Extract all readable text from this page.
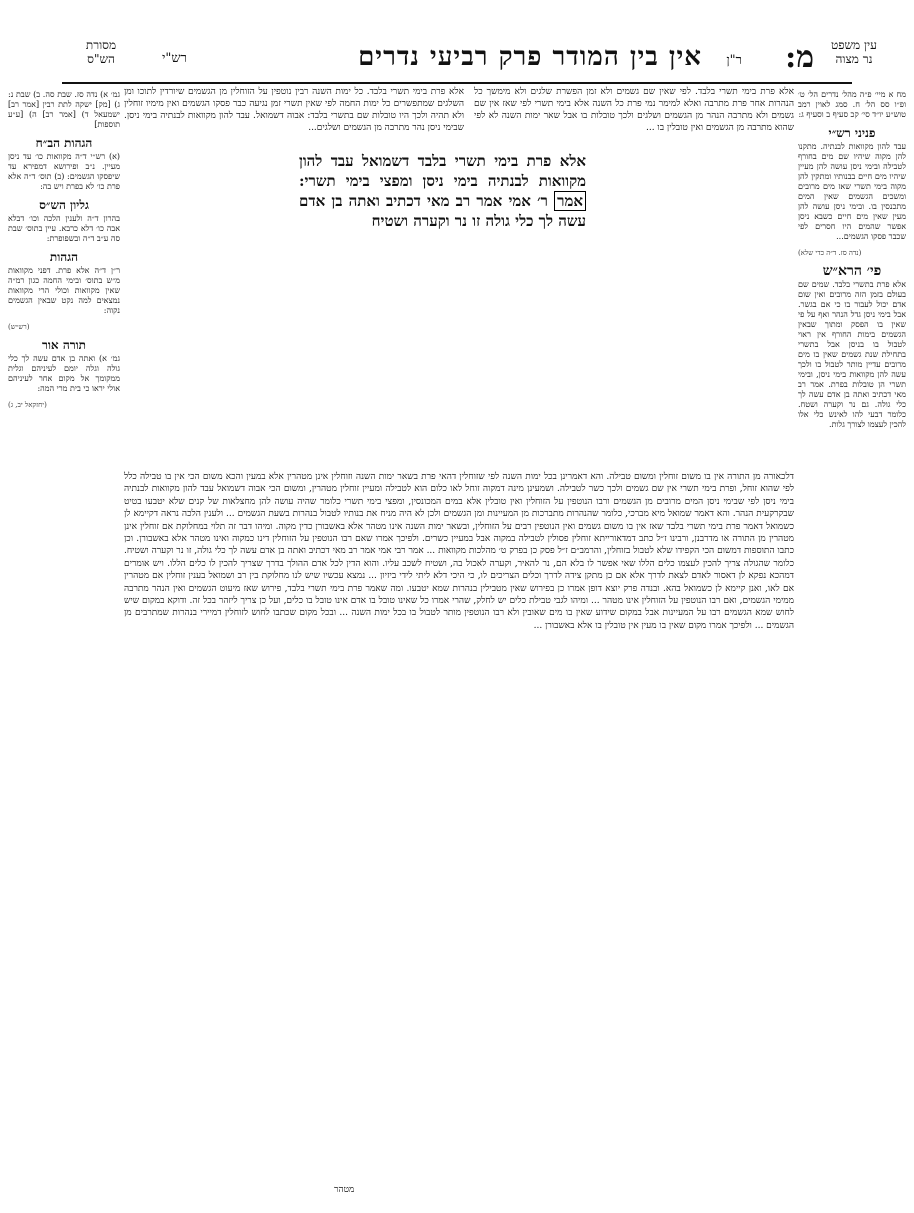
עין משפט
נר מצוה
מ:
ר"ן
אין בין המודר פרק רביעי נדרים
רש"י
מסורת
הש"ס
מח א מיי׳ פ״ה מהל׳ נדרים הל׳ ט׳ ופ״ו סס הל׳ ח. סמג לאוין רמב טוש״ע יו״ד סי׳ קכ סעיף ב וסעיף ג:
פניני רש״י
עבד להון מקוואות לבנתיה. מתקנו להן מקוה שיהיו שם מים בחורף לטבילה ובימי ניסן עושה להן מעיין שיהיו מים חיים בבנותיו ומתקין להן מקוה בימי תשרי שאז מים מרובים ומשכים הגשמים שאין המים מתכנסין בו. ובימי ניסן עושה להן מעין שאין מים חיים כשבא ניסן אפשר שהמים היו חסרים לפי שכבר פסקו הגשמים...
(נדה סז. ד״ה כדי שלא)
פי׳ הרא״ש
אלא פרת בתשרי בלבד. שמים שם בעולם בזמן הזה מרובים ואין שום אדם יכול לעבור בו כי אם בגשר. אבל בימי ניסן גדל הנהר ואף על פי שאין בו הפסק ומתוך שבאין הגשמים בימות החורף אין ראוי לטבול בו בניסן אבל בתשרי בתחילת שנת גשמים שאין בו מים מרובים עדיין מותר לטבול בו ולכך עשה להן מקוואות בימי ניסן, ובימי תשרי הן טובלות בפרת. אמר רב מאי דכתיב ואתה בן אדם עשה לך כלי גולה. גם נר וקערה ושטח. כלומר דבעי להו לאינש כלי אלו להכין לעצמו לצורך גלות.
גמ׳ א) נדה סז. שבת סה. ב) שבת נ: ג) [מק] ישקה לתת רבין [אמר רב] ישמעאל ד) [אמר רב] ה) [ע״ע תוספות]
הגהות הב״ח
(א) רש״י ד״ה מקוואות כו׳ עד ניסן מעיין. נ״ב ופירושא דמפירא עד שיפסקו הגשמים: (ב) תוס׳ ד״ה אלא פרת כו׳ לא בפרת ויש בה:
גליון הש״ס
בהרון ד״ה ולענין הלכה וכו׳ דבלא אבה כו׳ דלא כרבא. עיין בתוס׳ שבת סה ע״ב ד״ה ובשפופרת:
הגהות
ר״ן ד״ה אלא פרת. דפני מקוואות מ״ש בתוס׳ ובימי החמה כגון רמ״ה שאין מקוואות וכולי הרי מקוואות נמצאים למה נקט שבאין הגשמים נקוה:
(רש״ש)
תורה אור
גמ׳ א) ואתה בן אדם עשה לך כלי גולה וגלה יומם לעיניהם וגלית ממקומך אל מקום אחר לעיניהם אולי יראו כי בית מרי המה:
(יחזקאל יב, ג)
אלא פרת בימי תשרי בלבד. לפי שאין שם גשמים ולא זמן הפשרת שלגים ולא מימשך כל הנהרות אחר פרת מתרבה ואלא למימר נמי פרת כל השנה אלא בימי תשרי לפי שאז אין שם גשמים ולא מתרבה הנהר מן הגשמים ושלגים ולכך טובלות בו אבל שאר ימות השנה לא לפי שהוא מתרבה מן הגשמים ואין טובלין בו ...
אלא פרת בימי תשרי בלבד. כל ימות השנה רבין נוטפין על הזוחלין מן הגשמים שיורדין לתוכו ומן השלגים שמתפשרים כל ימות החמה לפי שאין תשרי זמן נגיעה כבר פסקו הגשמים ואין מימיו זוחלין ולא תהיה ולכך היו טובלות שם בתשרי בלבד: אבוה דשמואל. עבד להון מקוואות לבנתיה בימי ניסן. שבימי ניסן נהר מתרבה מן הגשמים ושלגים...
אלא פרת בימי תשרי בלבד דשמואל עבד להון מקוואות לבנתיה בימי ניסן ומפצי בימי תשרי: אמר ר׳ אמי אמר רב מאי דכתיב ואתה בן אדם עשה לך כלי גולה זו נר וקערה ושטיח
דלכאורה מן התורה אין בו משום זוחלין ומשום טבילה. והא דאמרינן בכל ימות השנה לפי שזוחלין דהאי פרת בשאר ימות השנה וזוחלין אינן מטהרין אלא במעין והכא משום הכי אין בו טבילה כלל לפי שהוא זוחל, ופרת בימי תשרי אין שם גשמים ולכך כשר לטבילה. ושמעינן מינה דמקוה זוחל לאו כלום הוא לטבילה ומעיין זוחלין מטהרין, ומשום הכי אבוה דשמואל עבד להון מקוואות לבנתיה בימי ניסן לפי שבימי ניסן המים מרובים מן הגשמים ורבו הנוטפין על הזוחלין ואין טובלין אלא במים המכונסין, ומפצי בימי תשרי כלומר שהיה עושה להן מחצלאות של קנים שלא יטבעו בטיט שבקרקעית הנהר. והא דאמר שמואל מיא מברכי, כלומר שהנהרות מתברכות מן המעיינות ומן הגשמים ולכן לא היה מניח את בנותיו לטבול בנהרות בשעת הגשמים ... ולענין הלכה נראה דקיימא לן כשמואל דאמר פרת בימי תשרי בלבד שאז אין בו משום גשמים ואין הנוטפין רבים על הזוחלין, ובשאר ימות השנה אינו מטהר אלא באשבורן כדין מקוה. ומיהו דבר זה תלוי במחלוקת אם זוחלין אינן מטהרין מן התורה או מדרבנן, ורבינו ז״ל כתב דמדאורייתא זוחלין פסולין לטבילה במקוה אבל במעיין כשרים. ולפיכך אמרו שאם רבו הנוטפין על הזוחלין דינו כמקוה ואינו מטהר אלא באשבורן. וכן כתבו התוספות דמשום הכי הקפידו שלא לטבול בזוחלין, והרמב״ם ז״ל פסק כן בפרק ט׳ מהלכות מקוואות ... אמר רבי אמי אמר רב מאי דכתיב ואתה בן אדם עשה לך כלי גולה, זו נר וקערה ושטיח. כלומר שהגולה צריך להכין לעצמו כלים הללו שאי אפשר לו בלא הם, נר להאיר, וקערה לאכול בה, ושטיח לשכב עליו. והוא הדין לכל אדם ההולך בדרך שצריך להכין לו כלים הללו. ויש אומרים דמהכא נפקא לן דאסור לאדם לצאת לדרך אלא אם כן מתקן צידה לדרך וכלים הצריכים לו, כי היכי דלא ליתי לידי ביזיון ... נמצא עכשיו שיש לנו מחלוקת בין רב ושמואל בענין זוחלין אם מטהרין אם לאו, ואנן קיימא לן כשמואל בהא. ובנדה פרק יוצא דופן אמרו כן בפירוש שאין מטבילין בנהרות שמא יטבעו. ומה שאמר פרת בימי תשרי בלבד, פירוש שאז מיעוט הגשמים ואין הנהר מתרבה ממימי הגשמים, ואם רבו הנוטפין על הזוחלין אינו מטהר ... ומיהו לגבי טבילת כלים יש לחלק, שהרי אמרו כל שאינו טובל בו אדם אינו טובל בו כלים, ועל כן צריך ליזהר בכל זה. ודוקא במקום שיש לחוש שמא הגשמים רבו על המעיינות אבל במקום שידוע שאין בו מים שאובין ולא רבו הנוטפין מותר לטבול בו בכל ימות השנה ... ובכל מקום שכתבו לחוש לזוחלין דמיירי בנהרות שמתרבים מן הגשמים ... ולפיכך אמרו מקום שאין בו מעין אין טובלין בו אלא באשבורן ...
מטהר
